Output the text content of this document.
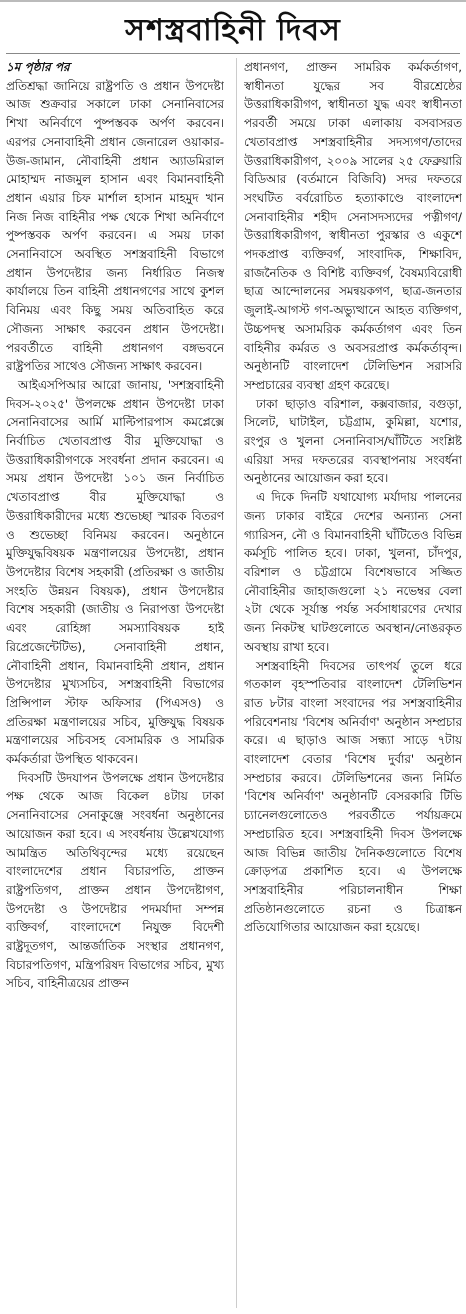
সশস্ত্রবাহিনী দিবস

১ম পৃষ্ঠার পর

প্রতিশ্রদ্ধা জানিয়ে রাষ্ট্রপতি ও প্রধান উপদেষ্টা আজ শুক্রবার সকালে ঢাকা সেনানিবাসের শিখা অনির্বাণে পুষ্পস্তবক অর্পণ করবেন। এরপর সেনাবাহিনী প্রধান জেনারেল ওয়াকার-উজ-জামান, নৌবাহিনী প্রধান অ্যাডমিরাল মোহাম্মদ নাজমুল হাসান এবং বিমানবাহিনী প্রধান এয়ার চিফ মার্শাল হাসান মাহমুদ খান নিজ নিজ বাহিনীর পক্ষ থেকে শিখা অনির্বাণে পুষ্পস্তবক অর্পণ করবেন। এ সময় ঢাকা সেনানিবাসে অবস্থিত সশস্ত্রবাহিনী বিভাগে প্রধান উপদেষ্টার জন্য নির্ধারিত নিজস্ব কার্যালয়ে তিন বাহিনী প্রধানগণের সাথে কুশল বিনিময় এবং কিছু সময় অতিবাহিত করে সৌজন্য সাক্ষাৎ করবেন প্রধান উপদেষ্টা। পরবর্তীতে বাহিনী প্রধানগণ বঙ্গভবনে রাষ্ট্রপতির সাথেও সৌজন্য সাক্ষাৎ করবেন।

আইএসপিআর আরো জানায়, 'সশস্ত্রবাহিনী দিবস-২০২৫' উপলক্ষে প্রধান উপদেষ্টা ঢাকা সেনানিবাসের আর্মি মাল্টিপারপাস কমপ্লেক্সে নির্বাচিত খেতাবপ্রাপ্ত বীর মুক্তিযোদ্ধা ও উত্তরাধিকারীগণকে সংবর্ধনা প্রদান করবেন। এ সময় প্রধান উপদেষ্টা ১০১ জন নির্বাচিত খেতাবপ্রাপ্ত বীর মুক্তিযোদ্ধা ও উত্তরাধিকারীদের মধ্যে শুভেচ্ছা স্মারক বিতরণ ও শুভেচ্ছা বিনিময় করবেন। অনুষ্ঠানে মুক্তিযুদ্ধবিষয়ক মন্ত্রণালয়ের উপদেষ্টা, প্রধান উপদেষ্টার বিশেষ সহকারী (প্রতিরক্ষা ও জাতীয় সংহতি উন্নয়ন বিষয়ক), প্রধান উপদেষ্টার বিশেষ সহকারী (জাতীয় ও নিরাপত্তা উপদেষ্টা এবং রোহিঙ্গা সমস্যাবিষয়ক হাই রিপ্রেজেন্টেটিভ), সেনাবাহিনী প্রধান, নৌবাহিনী প্রধান, বিমানবাহিনী প্রধান, প্রধান উপদেষ্টার মুখ্যসচিব, সশস্ত্রবাহিনী বিভাগের প্রিন্সিপাল স্টাফ অফিসার (পিএসও) ও প্রতিরক্ষা মন্ত্রণালয়ের সচিব, মুক্তিযুদ্ধ বিষয়ক মন্ত্রণালয়ের সচিবসহ বেসামরিক ও সামরিক কর্মকর্তারা উপস্থিত থাকবেন।

দিবসটি উদযাপন উপলক্ষে প্রধান উপদেষ্টার পক্ষ থেকে আজ বিকেল ৪টায় ঢাকা সেনানিবাসের সেনাকুঞ্জে সংবর্ধনা অনুষ্ঠানের আয়োজন করা হবে। এ সংবর্ধনায় উল্লেখযোগ্য আমন্ত্রিত অতিথিবৃন্দের মধ্যে রয়েছেন বাংলাদেশের প্রধান বিচারপতি, প্রাক্তন রাষ্ট্রপতিগণ, প্রাক্তন প্রধান উপদেষ্টাগণ, উপদেষ্টা ও উপদেষ্টার পদমর্যাদা সম্পন্ন ব্যক্তিবর্গ, বাংলাদেশে নিযুক্ত বিদেশী রাষ্ট্রদূতগণ, আন্তর্জাতিক সংস্থার প্রধানগণ, বিচারপতিগণ, মন্ত্রিপরিষদ বিভাগের সচিব, মুখ্য সচিব, বাহিনীত্রয়ের প্রাক্তন

প্রধানগণ, প্রাক্তন সামরিক কর্মকর্তাগণ, স্বাধীনতা যুদ্ধের সব বীরশ্রেষ্ঠের উত্তরাধিকারীগণ, স্বাধীনতা যুদ্ধ এবং স্বাধীনতা পরবর্তী সময়ে ঢাকা এলাকায় বসবাসরত খেতাবপ্রাপ্ত সশস্ত্রবাহিনীর সদস্যগণ/তাদের উত্তরাধিকারীগণ, ২০০৯ সালের ২৫ ফেব্রুয়ারি বিডিআর (বর্তমানে বিজিবি) সদর দফতরে সংঘটিত বর্বরোচিত হত্যাকাণ্ডে বাংলাদেশ সেনাবাহিনীর শহীদ সেনাসদস্যদের পত্নীগণ/উত্তরাধিকারীগণ, স্বাধীনতা পুরস্কার ও একুশে পদকপ্রাপ্ত ব্যক্তিবর্গ, সাংবাদিক, শিক্ষাবিদ, রাজনৈতিক ও বিশিষ্ট ব্যক্তিবর্গ, বৈষম্যবিরোধী ছাত্র আন্দোলনের সমন্বয়কগণ, ছাত্র-জনতার জুলাই-আগস্ট গণ-অভ্যুত্থানে আহত ব্যক্তিগণ, উচ্চপদস্থ অসামরিক কর্মকর্তাগণ এবং তিন বাহিনীর কর্মরত ও অবসরপ্রাপ্ত কর্মকর্তাবৃন্দ। অনুষ্ঠানটি বাংলাদেশ টেলিভিশন সরাসরি সম্প্রচারের ব্যবস্থা গ্রহণ করেছে।

ঢাকা ছাড়াও বরিশাল, কক্সবাজার, বগুড়া, সিলেট, ঘাটাইল, চট্টগ্রাম, কুমিল্লা, যশোর, রংপুর ও খুলনা সেনানিবাস/ঘাঁটিতে সংশ্লিষ্ট এরিয়া সদর দফতরের ব্যবস্থাপনায় সংবর্ধনা অনুষ্ঠানের আয়োজন করা হবে।

এ দিকে দিনটি যথাযোগ্য মর্যাদায় পালনের জন্য ঢাকার বাইরে দেশের অন্যান্য সেনা গ্যারিসন, নৌ ও বিমানবাহিনী ঘাঁটিতেও বিভিন্ন কর্মসূচি পালিত হবে। ঢাকা, খুলনা, চাঁদপুর, বরিশাল ও চট্টগ্রামে বিশেষভাবে সজ্জিত নৌবাহিনীর জাহাজগুলো ২১ নভেম্বর বেলা ২টা থেকে সূর্যাস্ত পর্যন্ত সর্বসাধারণের দেখার জন্য নিকটস্থ ঘাটগুলোতে অবস্থান/নোঙরকৃত অবস্থায় রাখা হবে।

সশস্ত্রবাহিনী দিবসের তাৎপর্য তুলে ধরে গতকাল বৃহস্পতিবার বাংলাদেশ টেলিভিশন রাত ৮টার বাংলা সংবাদের পর সশস্ত্রবাহিনীর পরিবেশনায় 'বিশেষ অনির্বাণ' অনুষ্ঠান সম্প্রচার করে। এ ছাড়াও আজ সন্ধ্যা সাড়ে ৭টায় বাংলাদেশ বেতার 'বিশেষ দুর্বার' অনুষ্ঠান সম্প্রচার করবে। টেলিভিশনের জন্য নির্মিত 'বিশেষ অনির্বাণ' অনুষ্ঠানটি বেসরকারি টিভি চ্যানেলগুলোতেও পরবর্তীতে পর্যায়ক্রমে সম্প্রচারিত হবে। সশস্ত্রবাহিনী দিবস উপলক্ষে আজ বিভিন্ন জাতীয় দৈনিকগুলোতে বিশেষ ক্রোড়পত্র প্রকাশিত হবে। এ উপলক্ষে সশস্ত্রবাহিনীর পরিচালনাধীন শিক্ষা প্রতিষ্ঠানগুলোতে রচনা ও চিত্রাঙ্কন প্রতিযোগিতার আয়োজন করা হয়েছে।
